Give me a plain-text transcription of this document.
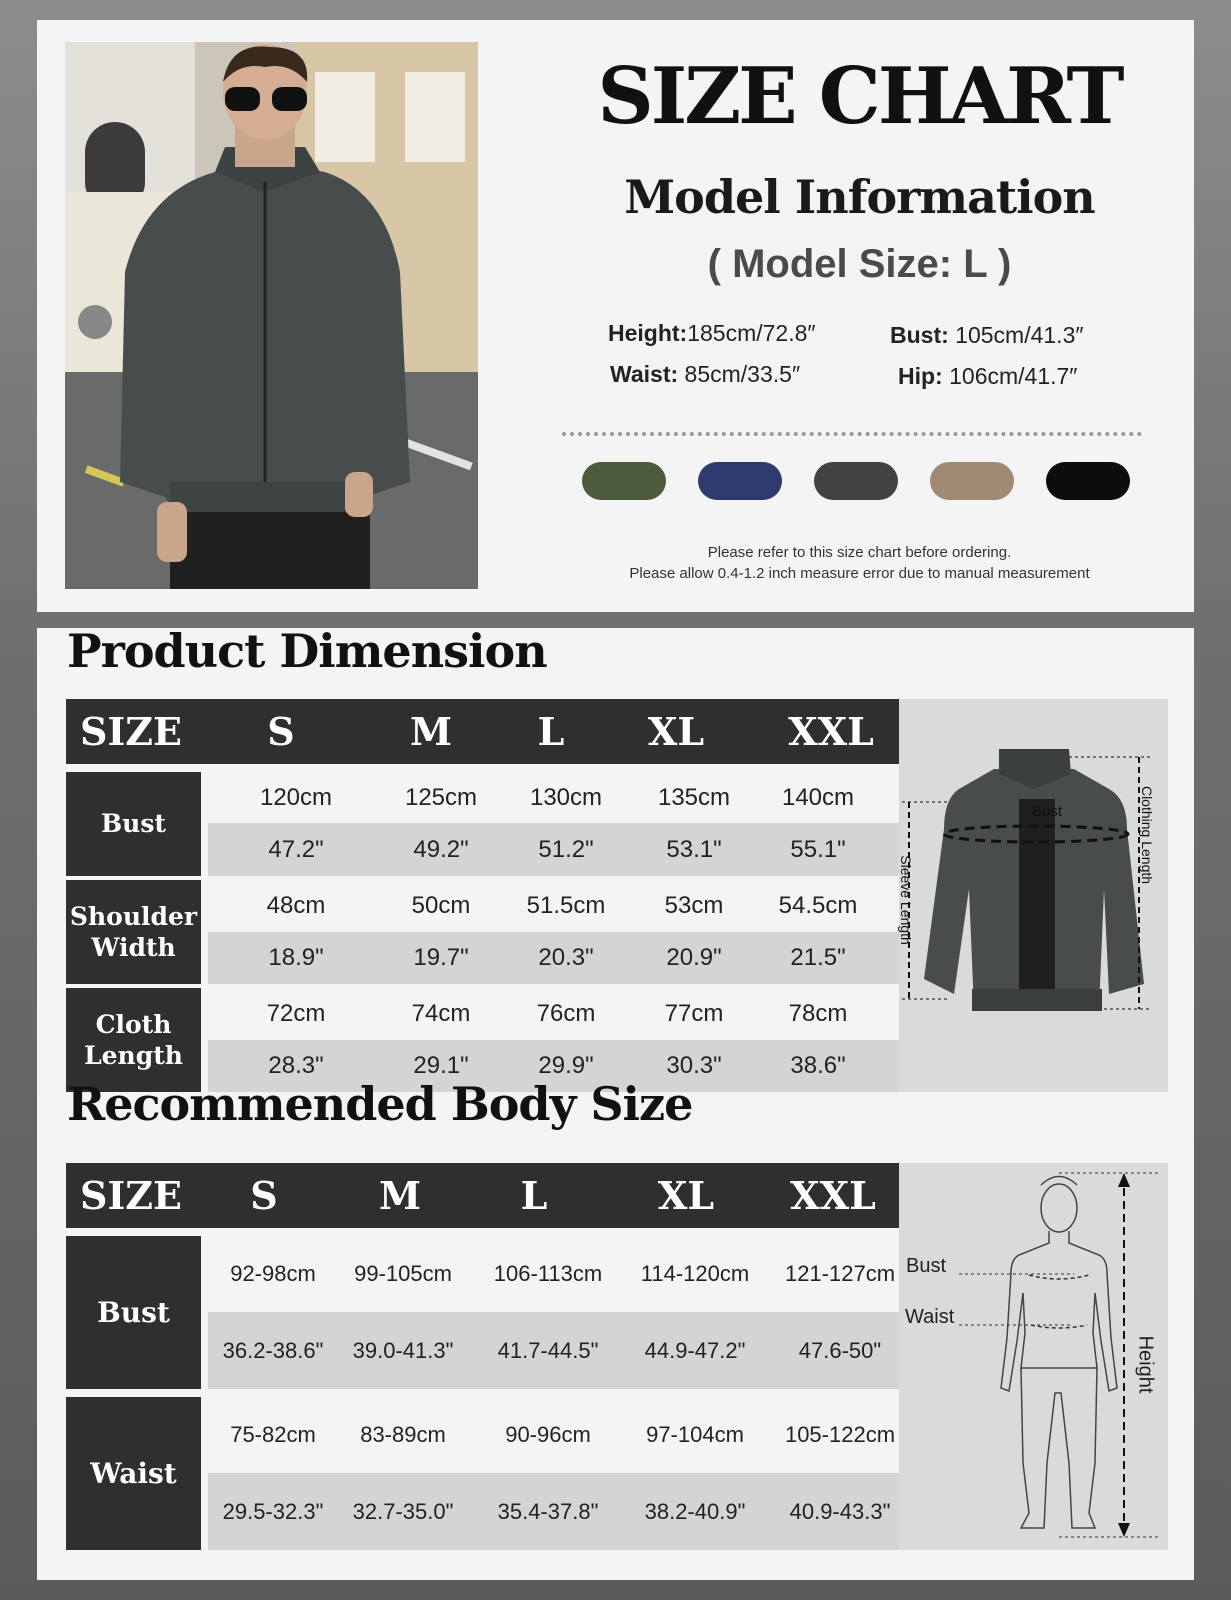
SIZE CHART
Model Information
( Model Size: L )
Height:185cm/72.8″	Bust: 105cm/41.3″
Waist: 85cm/33.5″	Hip: 106cm/41.7″
Please refer to this size chart before ordering.
Please allow 0.4-1.2 inch measure error due to manual measurement
Product Dimension
SIZE	S	M	L	XL	XXL
Bust
120cm	125cm	130cm	135cm	140cm
47.2"	49.2"	51.2"	53.1"	55.1"
Shoulder
Width
48cm	50cm	51.5cm	53cm	54.5cm
18.9"	19.7"	20.3"	20.9"	21.5"
Cloth
Length
72cm	74cm	76cm	77cm	78cm
28.3"	29.1"	29.9"	30.3"	38.6"
Bust
Sleeve Length
Clothing Length
Recommended Body Size
SIZE	S	M	L	XL	XXL
Bust
92-98cm	99-105cm	106-113cm	114-120cm	121-127cm
36.2-38.6"	39.0-41.3"	41.7-44.5"	44.9-47.2"	47.6-50"
Waist
75-82cm	83-89cm	90-96cm	97-104cm	105-122cm
29.5-32.3"	32.7-35.0"	35.4-37.8"	38.2-40.9"	40.9-43.3"
Bust
Waist
Height
